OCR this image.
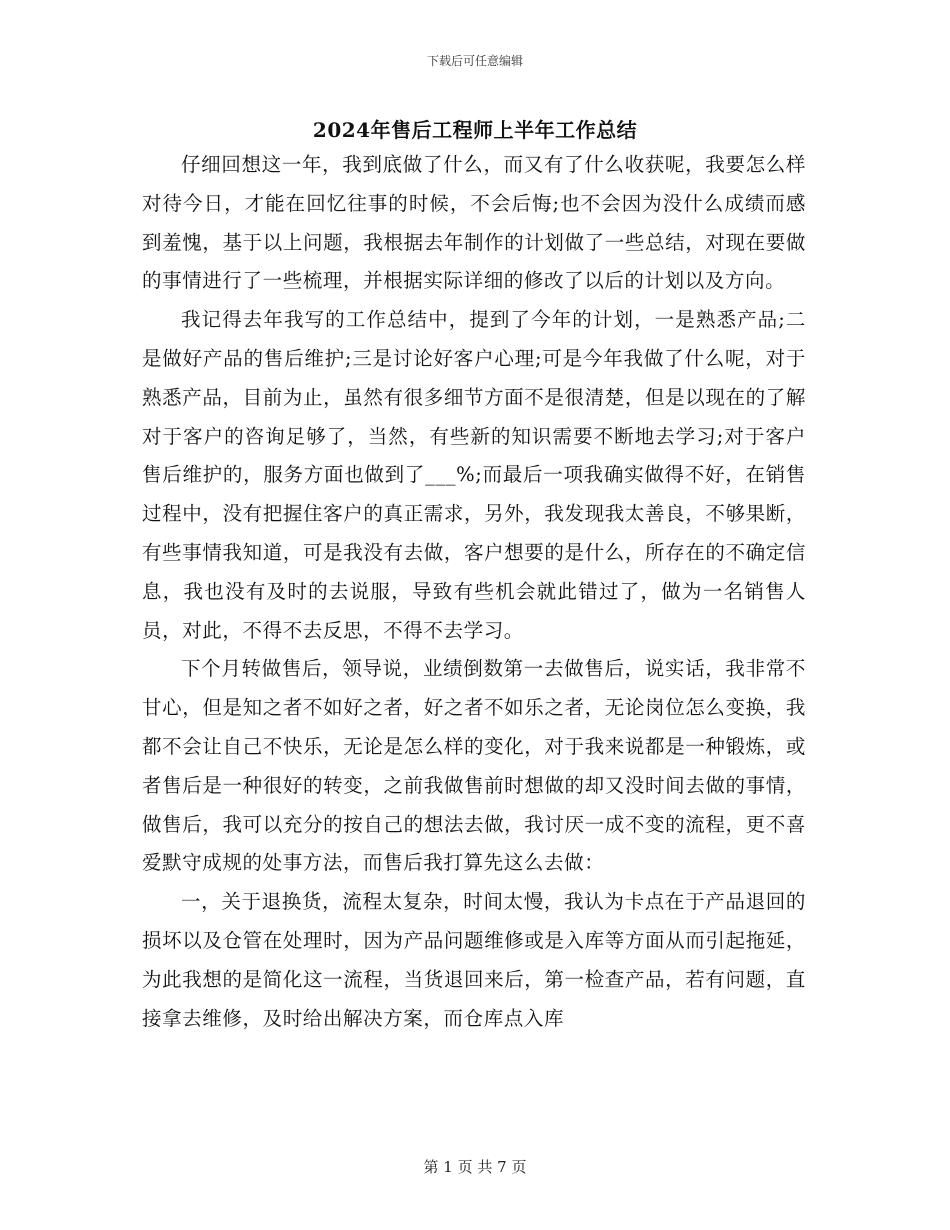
下载后可任意编辑
2024年售后工程师上半年工作总结

仔细回想这一年，我到底做了什么，而又有了什么收获呢，我要怎么样对待今日，才能在回忆往事的时候，不会后悔;也不会因为没什么成绩而感到羞愧，基于以上问题，我根据去年制作的计划做了一些总结，对现在要做的事情进行了一些梳理，并根据实际详细的修改了以后的计划以及方向。

我记得去年我写的工作总结中，提到了今年的计划，一是熟悉产品;二是做好产品的售后维护;三是讨论好客户心理;可是今年我做了什么呢，对于熟悉产品，目前为止，虽然有很多细节方面不是很清楚，但是以现在的了解对于客户的咨询足够了，当然，有些新的知识需要不断地去学习;对于客户售后维护的，服务方面也做到了___%;而最后一项我确实做得不好，在销售过程中，没有把握住客户的真正需求，另外，我发现我太善良，不够果断，有些事情我知道，可是我没有去做，客户想要的是什么，所存在的不确定信息，我也没有及时的去说服，导致有些机会就此错过了，做为一名销售人员，对此，不得不去反思，不得不去学习。

下个月转做售后，领导说，业绩倒数第一去做售后，说实话，我非常不甘心，但是知之者不如好之者，好之者不如乐之者，无论岗位怎么变换，我都不会让自己不快乐，无论是怎么样的变化，对于我来说都是一种锻炼，或者售后是一种很好的转变，之前我做售前时想做的却又没时间去做的事情，做售后，我可以充分的按自己的想法去做，我讨厌一成不变的流程，更不喜爱默守成规的处事方法，而售后我打算先这么去做：

一，关于退换货，流程太复杂，时间太慢，我认为卡点在于产品退回的损坏以及仓管在处理时，因为产品问题维修或是入库等方面从而引起拖延，为此我想的是简化这一流程，当货退回来后，第一检查产品，若有问题，直接拿去维修，及时给出解决方案，而仓库点入库

第 1 页 共 7 页
